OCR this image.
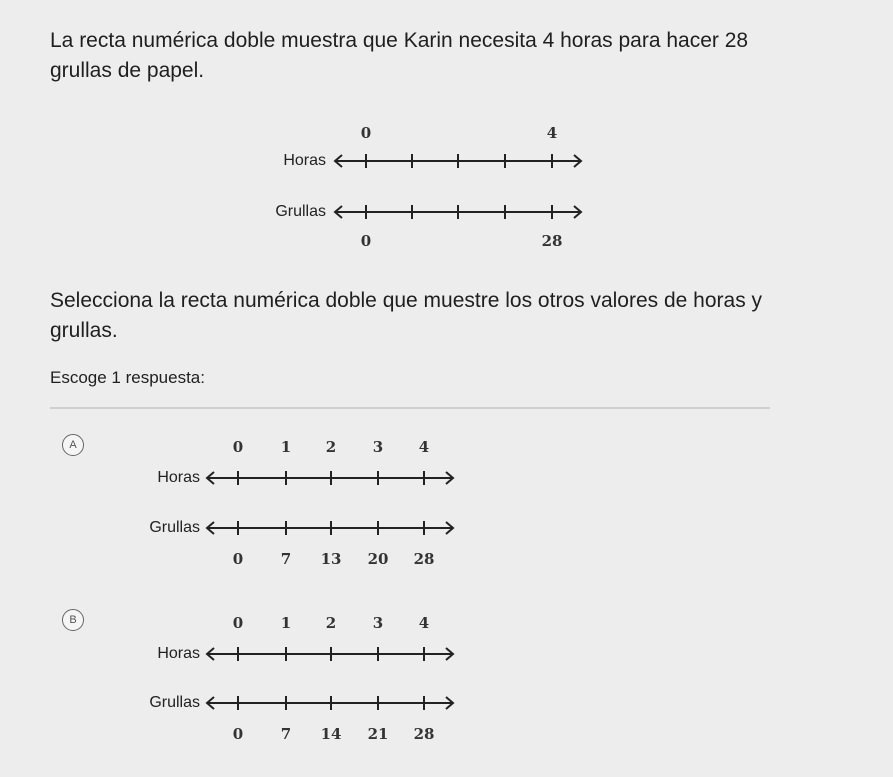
La recta numérica doble muestra que Karin necesita 4 horas para hacer 28 grullas de papel.
0	4
Horas
Grullas
0	28
Selecciona la recta numérica doble que muestre los otros valores de horas y grullas.
Escoge 1 respuesta:
A	0	1 2 3 4
Horas
Grullas
0	7 13 20 28
B	0	1 2 3 4
Horas
Grullas
0	7 14 21 28
